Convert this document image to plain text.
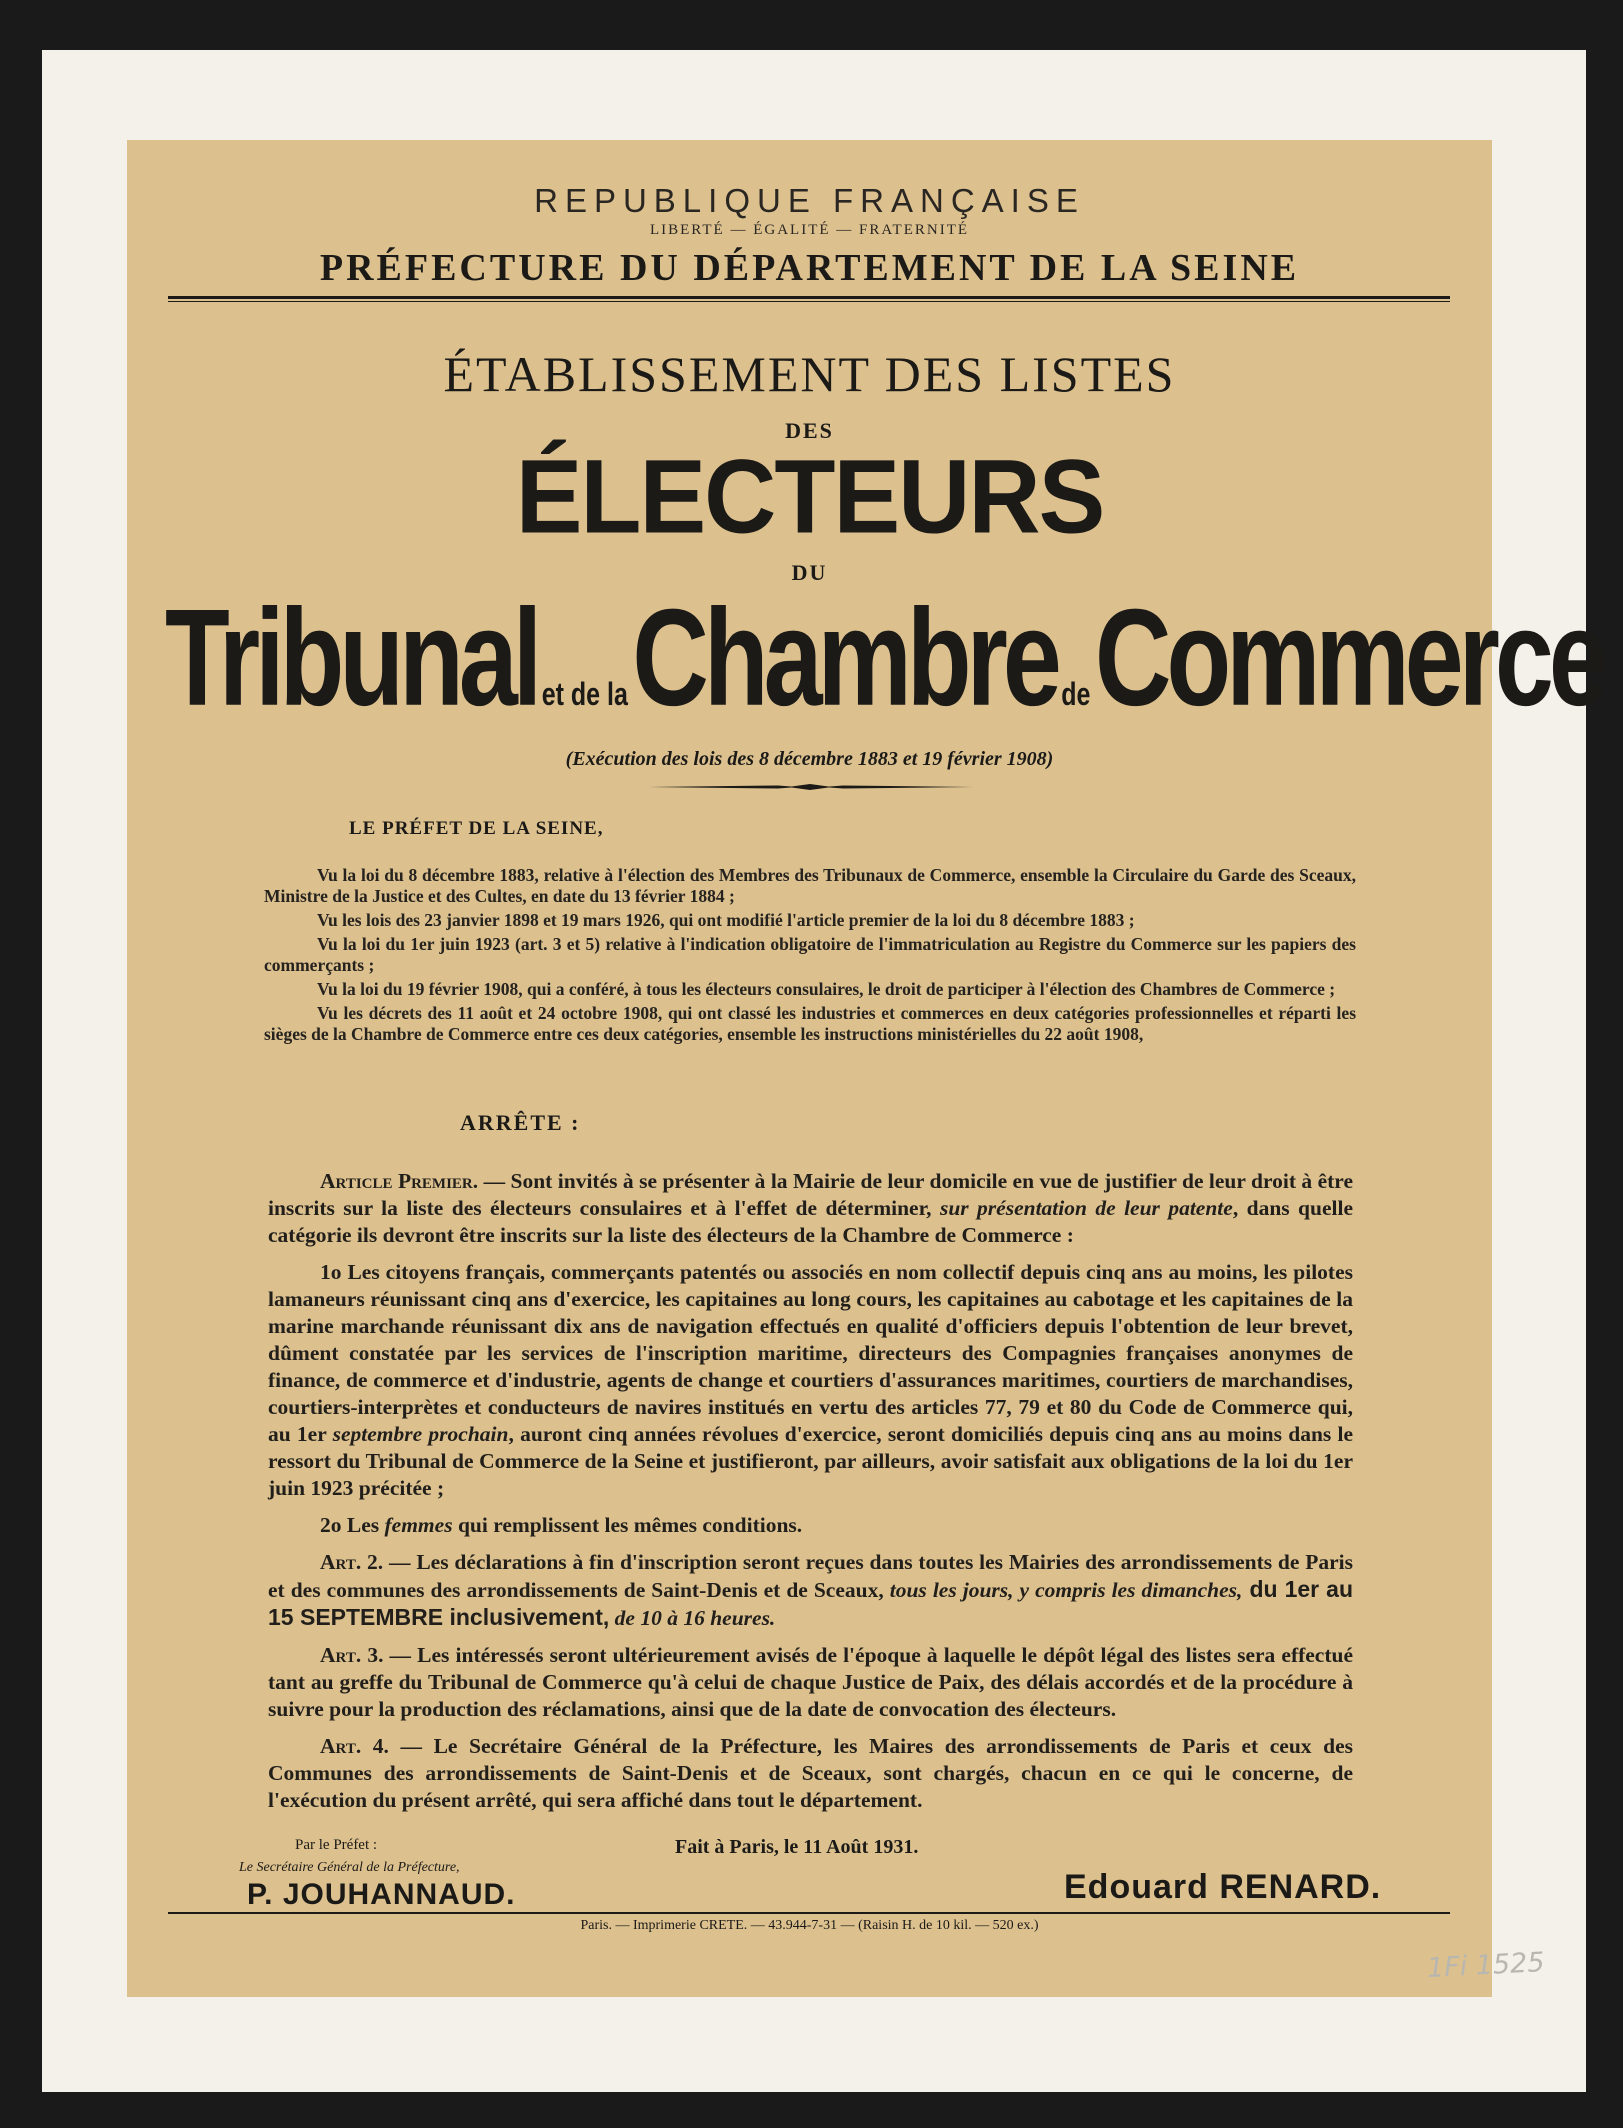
REPUBLIQUE FRANÇAISE
LIBERTÉ — ÉGALITÉ — FRATERNITÉ
PRÉFECTURE DU DÉPARTEMENT DE LA SEINE
ÉTABLISSEMENT DES LISTES
DES
ÉLECTEURS
DU
Tribunal et de la Chambre de Commerce
(Exécution des lois des 8 décembre 1883 et 19 février 1908)
LE PRÉFET DE LA SEINE,

Vu la loi du 8 décembre 1883, relative à l'élection des Membres des Tribunaux de Commerce, ensemble la Circulaire du Garde des Sceaux, Ministre de la Justice et des Cultes, en date du 13 février 1884 ;

Vu les lois des 23 janvier 1898 et 19 mars 1926, qui ont modifié l'article premier de la loi du 8 décembre 1883 ;

Vu la loi du 1er juin 1923 (art. 3 et 5) relative à l'indication obligatoire de l'immatriculation au Registre du Commerce sur les papiers des commerçants ;

Vu la loi du 19 février 1908, qui a conféré, à tous les électeurs consulaires, le droit de participer à l'élection des Chambres de Commerce ;

Vu les décrets des 11 août et 24 octobre 1908, qui ont classé les industries et commerces en deux catégories professionnelles et réparti les sièges de la Chambre de Commerce entre ces deux catégories, ensemble les instructions ministérielles du 22 août 1908,

ARRÊTE :

Article Premier. — Sont invités à se présenter à la Mairie de leur domicile en vue de justifier de leur droit à être inscrits sur la liste des électeurs consulaires et à l'effet de déterminer, sur présentation de leur patente, dans quelle catégorie ils devront être inscrits sur la liste des électeurs de la Chambre de Commerce :

1o Les citoyens français, commerçants patentés ou associés en nom collectif depuis cinq ans au moins, les pilotes lamaneurs réunissant cinq ans d'exercice, les capitaines au long cours, les capitaines au cabotage et les capitaines de la marine marchande réunissant dix ans de navigation effectués en qualité d'officiers depuis l'obtention de leur brevet, dûment constatée par les services de l'inscription maritime, directeurs des Compagnies françaises anonymes de finance, de commerce et d'industrie, agents de change et courtiers d'assurances maritimes, courtiers de marchandises, courtiers-interprètes et conducteurs de navires institués en vertu des articles 77, 79 et 80 du Code de Commerce qui, au 1er septembre prochain, auront cinq années révolues d'exercice, seront domiciliés depuis cinq ans au moins dans le ressort du Tribunal de Commerce de la Seine et justifieront, par ailleurs, avoir satisfait aux obligations de la loi du 1er juin 1923 précitée ;

2o Les femmes qui remplissent les mêmes conditions.

Art. 2. — Les déclarations à fin d'inscription seront reçues dans toutes les Mairies des arrondissements de Paris et des communes des arrondissements de Saint-Denis et de Sceaux, tous les jours, y compris les dimanches, du 1er au 15 SEPTEMBRE inclusivement, de 10 à 16 heures.

Art. 3. — Les intéressés seront ultérieurement avisés de l'époque à laquelle le dépôt légal des listes sera effectué tant au greffe du Tribunal de Commerce qu'à celui de chaque Justice de Paix, des délais accordés et de la procédure à suivre pour la production des réclamations, ainsi que de la date de convocation des électeurs.

Art. 4. — Le Secrétaire Général de la Préfecture, les Maires des arrondissements de Paris et ceux des Communes des arrondissements de Saint-Denis et de Sceaux, sont chargés, chacun en ce qui le concerne, de l'exécution du présent arrêté, qui sera affiché dans tout le département.

Par le Préfet :
Le Secrétaire Général de la Préfecture,
P. JOUHANNAUD.
Fait à Paris, le 11 Août 1931.
Edouard RENARD.
Paris. — Imprimerie CRETE. — 43.944-7-31 — (Raisin H. de 10 kil. — 520 ex.)
1Fi 1525
